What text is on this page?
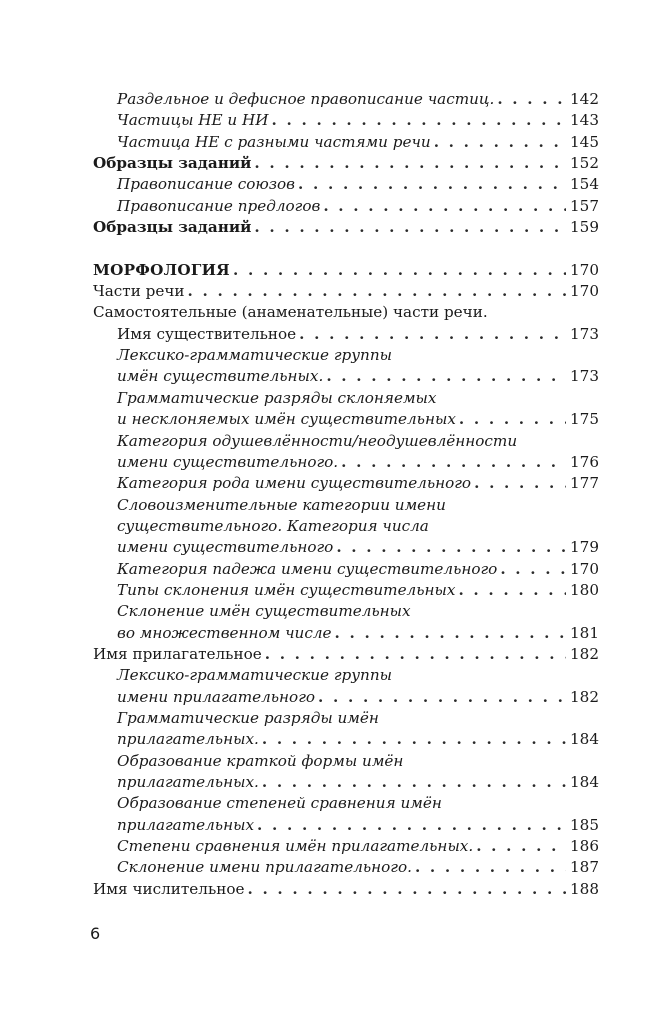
Раздельное и дефисное правописание частиц. . . .	142
Частицы НЕ и НИ . . .	143
Частица НЕ с разными частями речи . . .	145
Образцы заданий . . .	152
Правописание союзов . . .	154
Правописание предлогов . . .	157
Образцы заданий . . .	159
МОРФОЛОГИЯ . . .	170
Части речи . . .	170
Самостоятельные (анаменательные) части речи.
Имя существительное . . .	173
Лексико-грамматические группы
имён существительных. . . .	173
Грамматические разряды склоняемых
и несклоняемых имён существительных . . .	175
Категория одушевлённости/неодушевлённости
имени существительного. . . .	176
Категория рода имени существительного . . .	177
Словоизменительные категории имени
существительного. Категория числа
имени существительного . . .	179
Категория падежа имени существительного . . .	170
Типы склонения имён существительных . . .	180
Склонение имён существительных
во множественном числе . . .	181
Имя прилагательное . . .	182
Лексико-грамматические группы
имени прилагательного . . .	182
Грамматические разряды имён
прилагательных. . . .	184
Образование краткой формы имён
прилагательных. . . .	184
Образование степеней сравнения имён
прилагательных . . .	185
Степени сравнения имён прилагательных. . . .	186
Склонение имени прилагательного. . . .	187
Имя числительное . . .	188
6
